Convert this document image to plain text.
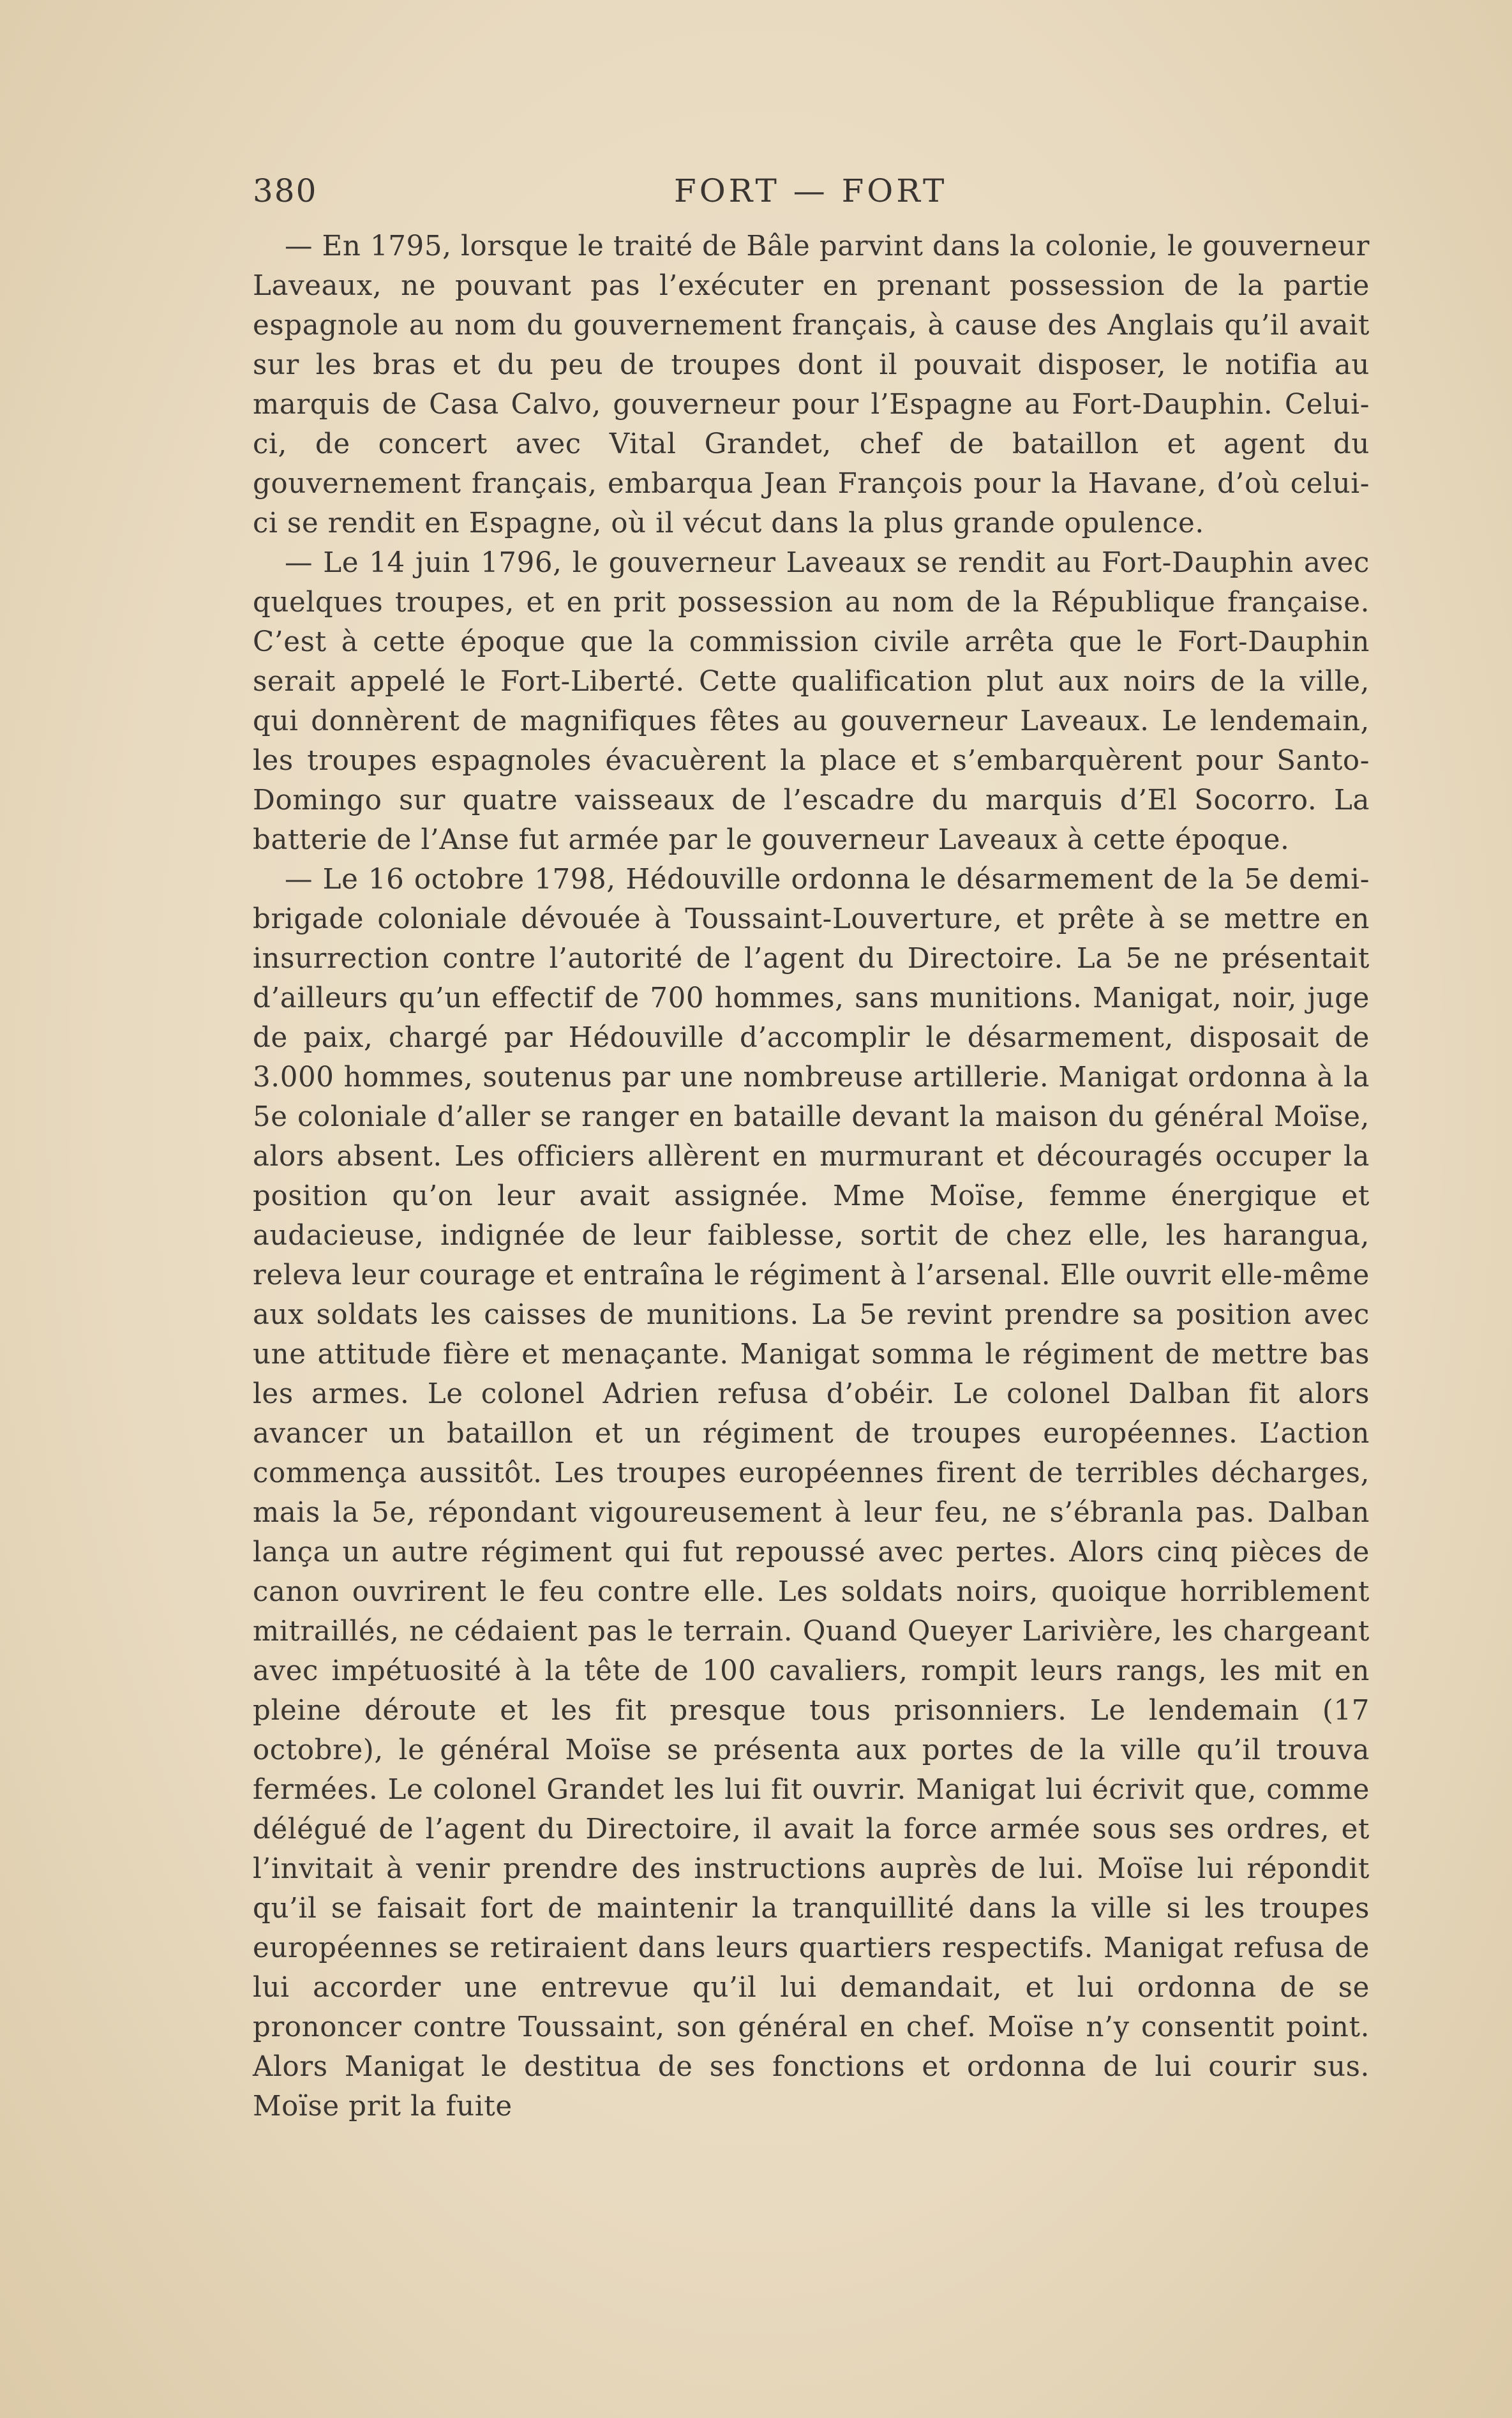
380	FORT — FORT

— En 1795, lorsque le traité de Bâle parvint dans la colonie, le gouverneur Laveaux, ne pouvant pas l’exécuter en prenant possession de la partie espagnole au nom du gouvernement français, à cause des Anglais qu’il avait sur les bras et du peu de troupes dont il pouvait disposer, le notifia au marquis de Casa Calvo, gouverneur pour l’Espagne au Fort-Dauphin. Celui-ci, de concert avec Vital Grandet, chef de bataillon et agent du gouvernement français, embarqua Jean François pour la Havane, d’où celui-ci se rendit en Espagne, où il vécut dans la plus grande opulence.

— Le 14 juin 1796, le gouverneur Laveaux se rendit au Fort-Dauphin avec quelques troupes, et en prit possession au nom de la République française. C’est à cette époque que la commission civile arrêta que le Fort-Dauphin serait appelé le Fort-Liberté. Cette qualification plut aux noirs de la ville, qui donnèrent de magnifiques fêtes au gouverneur Laveaux. Le lendemain, les troupes espagnoles évacuèrent la place et s’embarquèrent pour Santo-Domingo sur quatre vaisseaux de l’escadre du marquis d’El Socorro. La batterie de l’Anse fut armée par le gouverneur Laveaux à cette époque.

— Le 16 octobre 1798, Hédouville ordonna le désarmement de la 5e demi-brigade coloniale dévouée à Toussaint-Louverture, et prête à se mettre en insurrection contre l’autorité de l’agent du Directoire. La 5e ne présentait d’ailleurs qu’un effectif de 700 hommes, sans munitions. Manigat, noir, juge de paix, chargé par Hédouville d’accomplir le désarmement, disposait de 3.000 hommes, soutenus par une nombreuse artillerie. Manigat ordonna à la 5e coloniale d’aller se ranger en bataille devant la maison du général Moïse, alors absent. Les officiers allèrent en murmurant et découragés occuper la position qu’on leur avait assignée. Mme Moïse, femme énergique et audacieuse, indignée de leur faiblesse, sortit de chez elle, les harangua, releva leur courage et entraîna le régiment à l’arsenal. Elle ouvrit elle-même aux soldats les caisses de munitions. La 5e revint prendre sa position avec une attitude fière et menaçante. Manigat somma le régiment de mettre bas les armes. Le colonel Adrien refusa d’obéir. Le colonel Dalban fit alors avancer un bataillon et un régiment de troupes européennes. L’action commença aussitôt. Les troupes européennes firent de terribles décharges, mais la 5e, répondant vigoureusement à leur feu, ne s’ébranla pas. Dalban lança un autre régiment qui fut repoussé avec pertes. Alors cinq pièces de canon ouvrirent le feu contre elle. Les soldats noirs, quoique horriblement mitraillés, ne cédaient pas le terrain. Quand Queyer Larivière, les chargeant avec impétuosité à la tête de 100 cavaliers, rompit leurs rangs, les mit en pleine déroute et les fit presque tous prisonniers. Le lendemain (17 octobre), le général Moïse se présenta aux portes de la ville qu’il trouva fermées. Le colonel Grandet les lui fit ouvrir. Manigat lui écrivit que, comme délégué de l’agent du Directoire, il avait la force armée sous ses ordres, et l’invitait à venir prendre des instructions auprès de lui. Moïse lui répondit qu’il se faisait fort de maintenir la tranquillité dans la ville si les troupes européennes se retiraient dans leurs quartiers respectifs. Manigat refusa de lui accorder une entrevue qu’il lui demandait, et lui ordonna de se prononcer contre Toussaint, son général en chef. Moïse n’y consentit point. Alors Manigat le destitua de ses fonctions et ordonna de lui courir sus. Moïse prit la fuite
